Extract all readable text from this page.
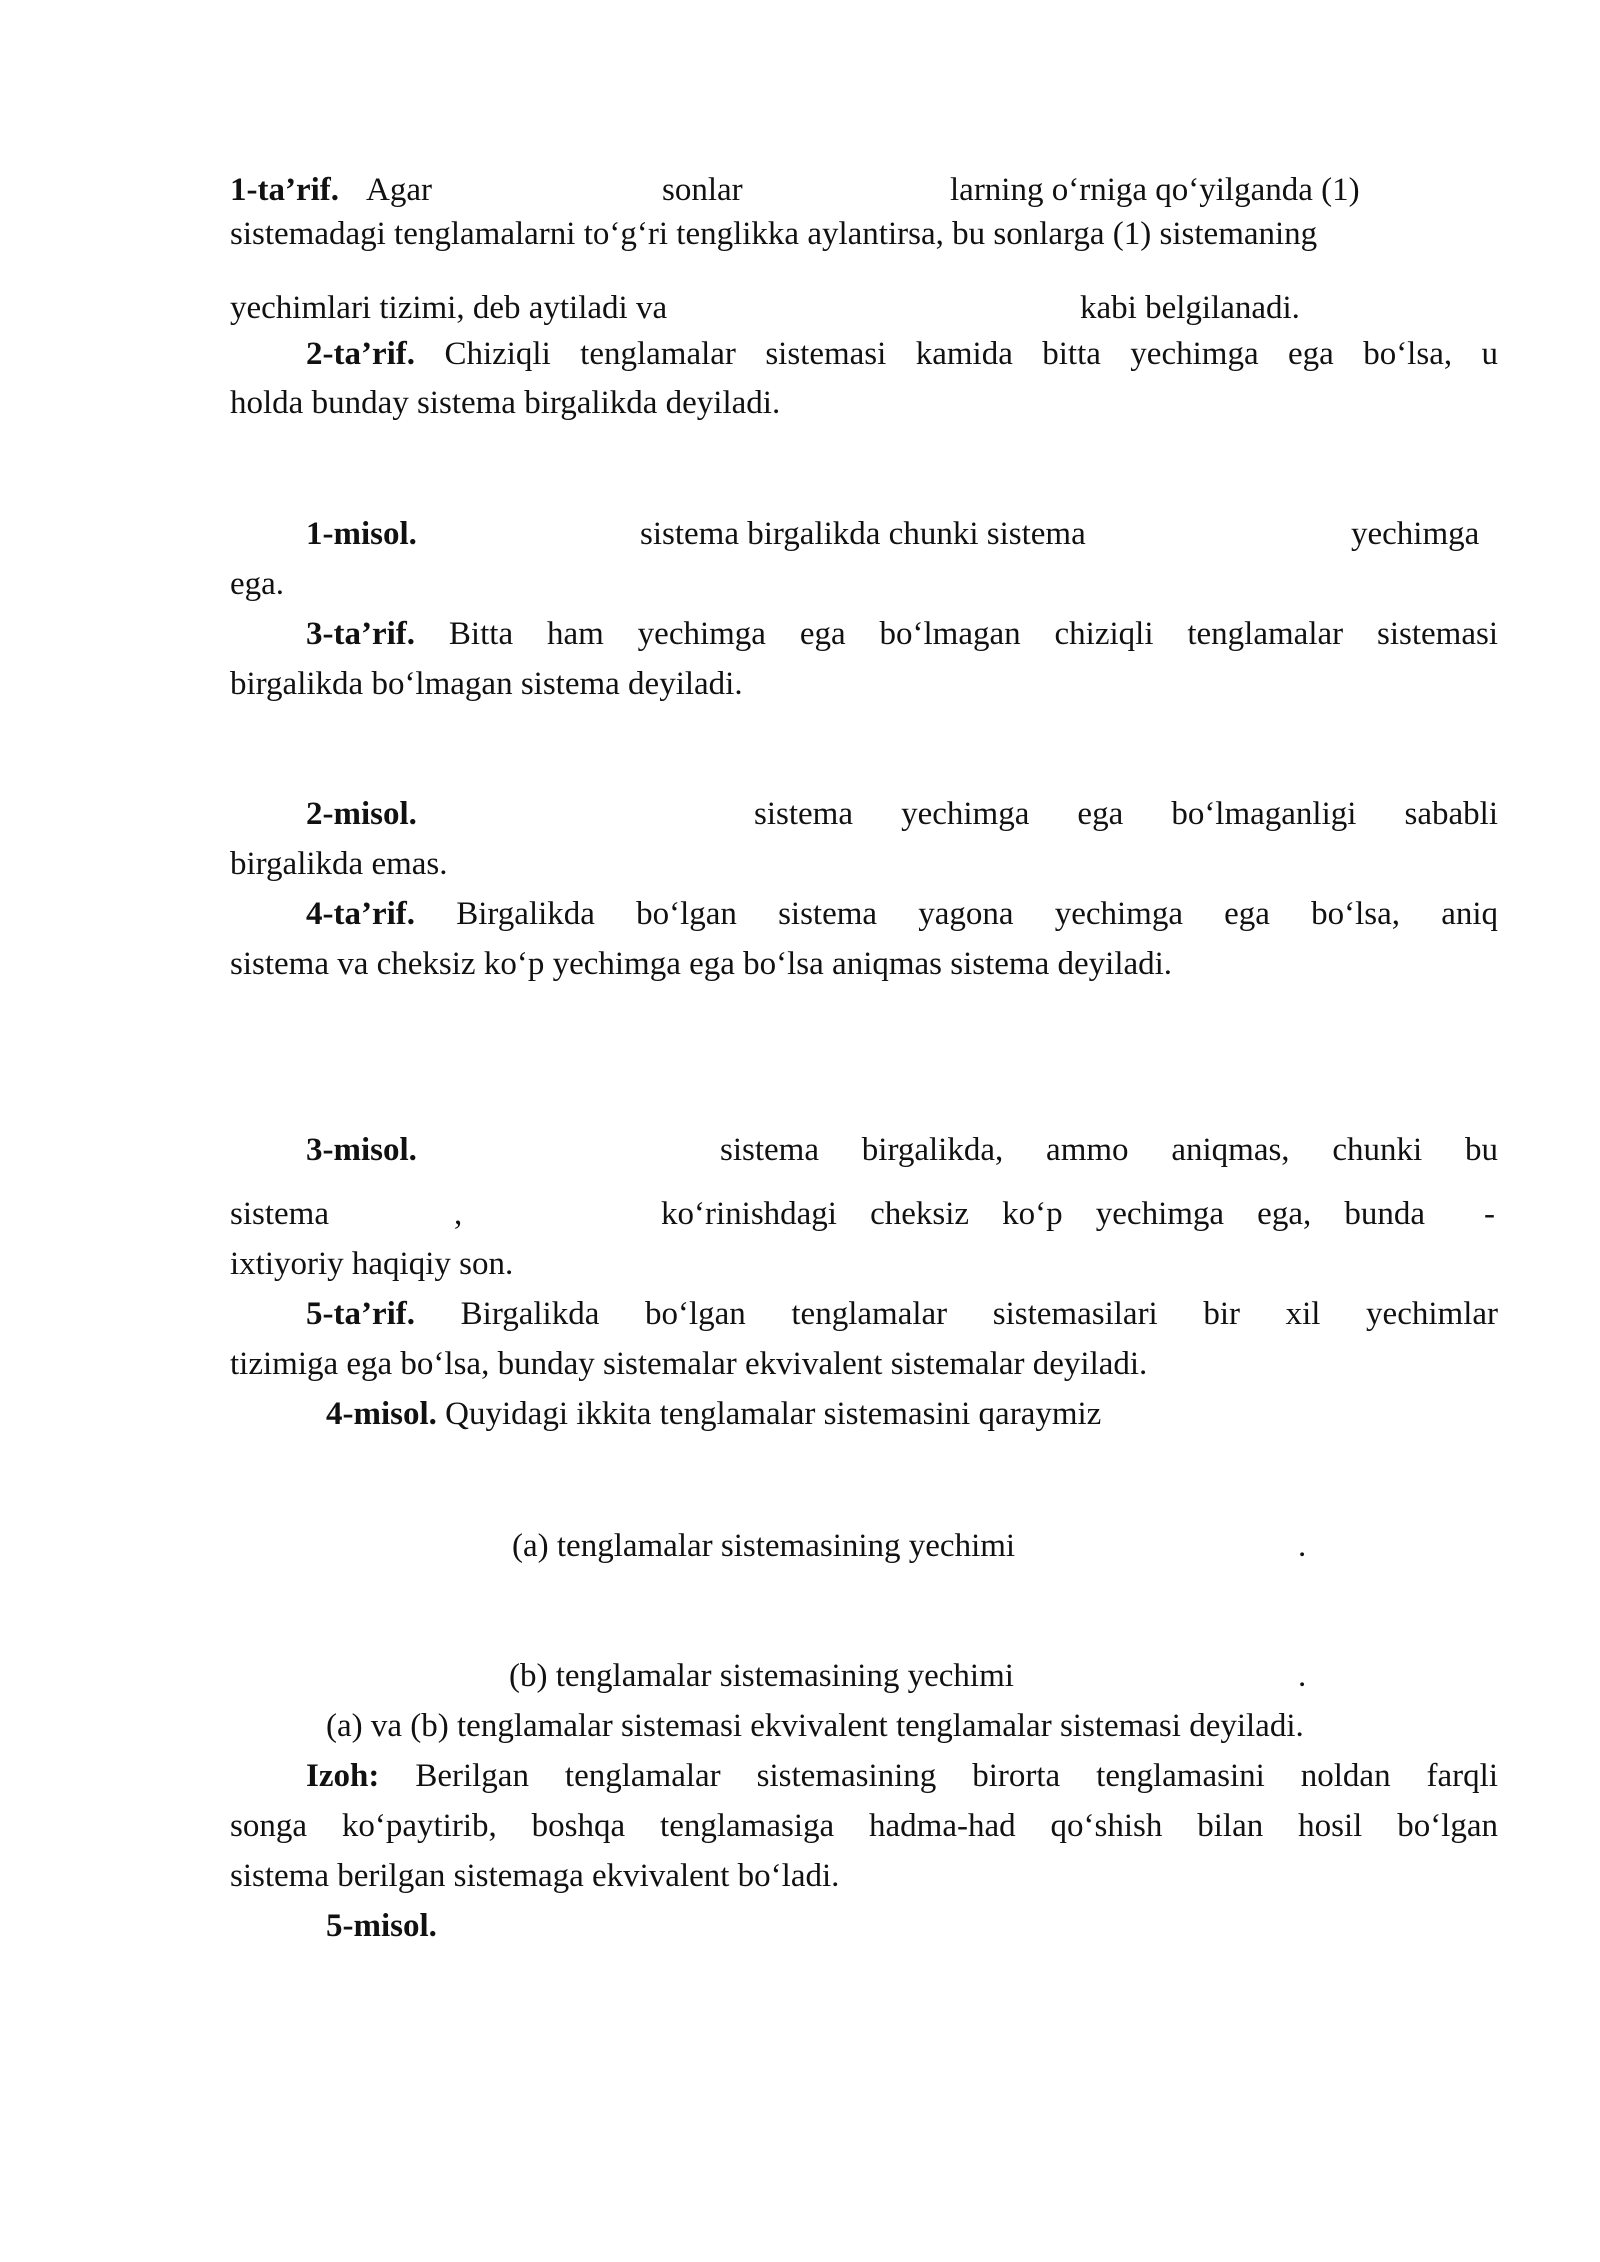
1-ta’rif. Agar	sonlar	larning o‘rniga qo‘yilganda (1)

sistemadagi tenglamalarni to‘g‘ri tenglikka aylantirsa, bu sonlarga (1) sistemaning

yechimlari tizimi, deb aytiladi va	kabi belgilanadi.

2-ta’rif. Chiziqli tenglamalar sistemasi kamida bitta yechimga ega bo‘lsa, u

holda bunday sistema birgalikda deyiladi.

1-misol.	sistema birgalikda chunki sistema	yechimga

ega.

3-ta’rif. Bitta ham yechimga ega bo‘lmagan chiziqli tenglamalar sistemasi

birgalikda bo‘lmagan sistema deyiladi.

2-misol.	sistema yechimga ega bo‘lmaganligi sababli

birgalikda emas.

4-ta’rif. Birgalikda bo‘lgan sistema yagona yechimga ega bo‘lsa, aniq

sistema va cheksiz ko‘p yechimga ega bo‘lsa aniqmas sistema deyiladi.

3-misol.	sistema birgalikda, ammo aniqmas, chunki bu

sistema	,	ko‘rinishdagi cheksiz ko‘p yechimga ega, bunda -

ixtiyoriy haqiqiy son.

5-ta’rif. Birgalikda bo‘lgan tenglamalar sistemasilari bir xil yechimlar

tizimiga ega bo‘lsa, bunday sistemalar ekvivalent sistemalar deyiladi.

4-misol. Quyidagi ikkita tenglamalar sistemasini qaraymiz

(a) tenglamalar sistemasining yechimi	.
(b) tenglamalar sistemasining yechimi	.

(a) va (b) tenglamalar sistemasi ekvivalent tenglamalar sistemasi deyiladi.

Izoh: Berilgan tenglamalar sistemasining birorta tenglamasini noldan farqli

songa ko‘paytirib, boshqa tenglamasiga hadma-had qo‘shish bilan hosil bo‘lgan

sistema berilgan sistemaga ekvivalent bo‘ladi.

5-misol.
